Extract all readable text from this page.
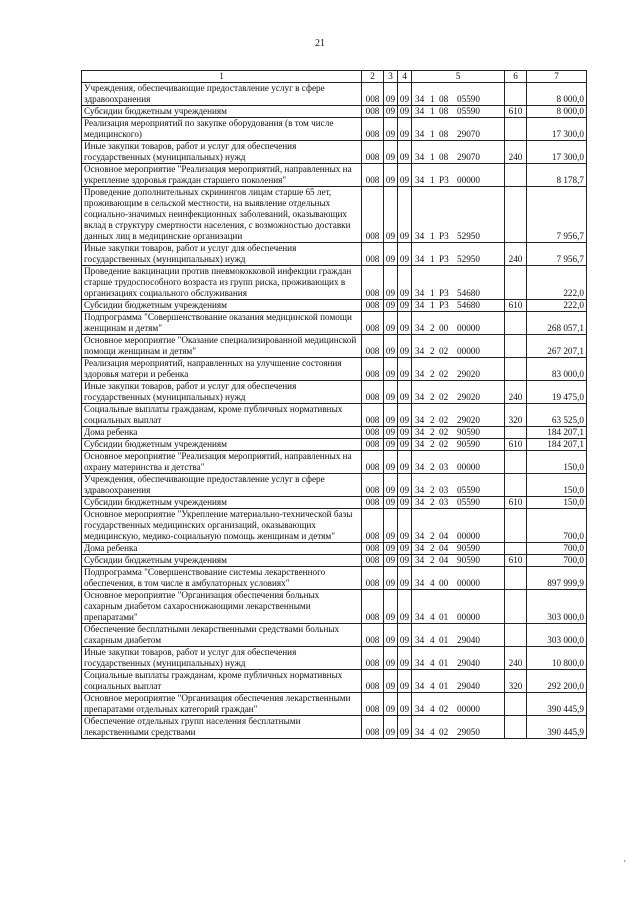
21
1	2	3	4	5	6	7
Учреждения, обеспечивающие предоставление услуг в сфере здравоохранения	008	09	09	34 1 08 05590		8 000,0
Субсидии бюджетным учреждениям	008	09	09	34 1 08 05590	610	8 000,0
Реализация мероприятий по закупке оборудования (в том числе медицинского)	008	09	09	34 1 08 29070		17 300,0
Иные закупки товаров, работ и услуг для обеспечения государственных (муниципальных) нужд	008	09	09	34 1 08 29070	240	17 300,0
Основное мероприятие "Реализация мероприятий, направленных на укрепление здоровья граждан старшего поколения"	008	09	09	34 1 Р3 00000		8 178,7
Проведение дополнительных скринингов лицам старше 65 лет, проживающим в сельской местности, на выявление отдельных социально-значимых неинфекционных заболеваний, оказывающих вклад в структуру смертности населения, с возможностью доставки данных лиц в медицинские организации	008	09	09	34 1 Р3 52950		7 956,7
Иные закупки товаров, работ и услуг для обеспечения государственных (муниципальных) нужд	008	09	09	34 1 Р3 52950	240	7 956,7
Проведение вакцинации против пневмококковой инфекции граждан старше трудоспособного возраста из групп риска, проживающих в организациях социального обслуживания	008	09	09	34 1 Р3 54680		222,0
Субсидии бюджетным учреждениям	008	09	09	34 1 Р3 54680	610	222,0
Подпрограмма "Совершенствование оказания медицинской помощи женщинам и детям"	008	09	09	34 2 00 00000		268 057,1
Основное мероприятие "Оказание специализированной медицинской помощи женщинам и детям"	008	09	09	34 2 02 00000		267 207,1
Реализация мероприятий, направленных на улучшение состояния здоровья матери и ребенка	008	09	09	34 2 02 29020		83 000,0
Иные закупки товаров, работ и услуг для обеспечения государственных (муниципальных) нужд	008	09	09	34 2 02 29020	240	19 475,0
Социальные выплаты гражданам, кроме публичных нормативных социальных выплат	008	09	09	34 2 02 29020	320	63 525,0
Дома ребенка	008	09	09	34 2 02 90590		184 207,1
Субсидии бюджетным учреждениям	008	09	09	34 2 02 90590	610	184 207,1
Основное мероприятие "Реализация мероприятий, направленных на охрану материнства и детства"	008	09	09	34 2 03 00000		150,0
Учреждения, обеспечивающие предоставление услуг в сфере здравоохранения	008	09	09	34 2 03 05590		150,0
Субсидии бюджетным учреждениям	008	09	09	34 2 03 05590	610	150,0
Основное мероприятие "Укрепление материально-технической базы государственных медицинских организаций, оказывающих медицинскую, медико-социальную помощь женщинам и детям"	008	09	09	34 2 04 00000		700,0
Дома ребенка	008	09	09	34 2 04 90590		700,0
Субсидии бюджетным учреждениям	008	09	09	34 2 04 90590	610	700,0
Подпрограмма "Совершенствование системы лекарственного обеспечения, в том числе в амбулаторных условиях"	008	09	09	34 4 00 00000		897 999,9
Основное мероприятие "Организация обеспечения больных сахарным диабетом сахароснижающими лекарственными препаратами"	008	09	09	34 4 01 00000		303 000,0
Обеспечение бесплатными лекарственными средствами больных сахарным диабетом	008	09	09	34 4 01 29040		303 000,0
Иные закупки товаров, работ и услуг для обеспечения государственных (муниципальных) нужд	008	09	09	34 4 01 29040	240	10 800,0
Социальные выплаты гражданам, кроме публичных нормативных социальных выплат	008	09	09	34 4 01 29040	320	292 200,0
Основное мероприятие "Организация обеспечения лекарственными препаратами отдельных категорий граждан"	008	09	09	34 4 02 00000		390 445,9
Обеспечение отдельных групп населения бесплатными лекарственными средствами	008	09	09	34 4 02 29050		390 445,9
,
